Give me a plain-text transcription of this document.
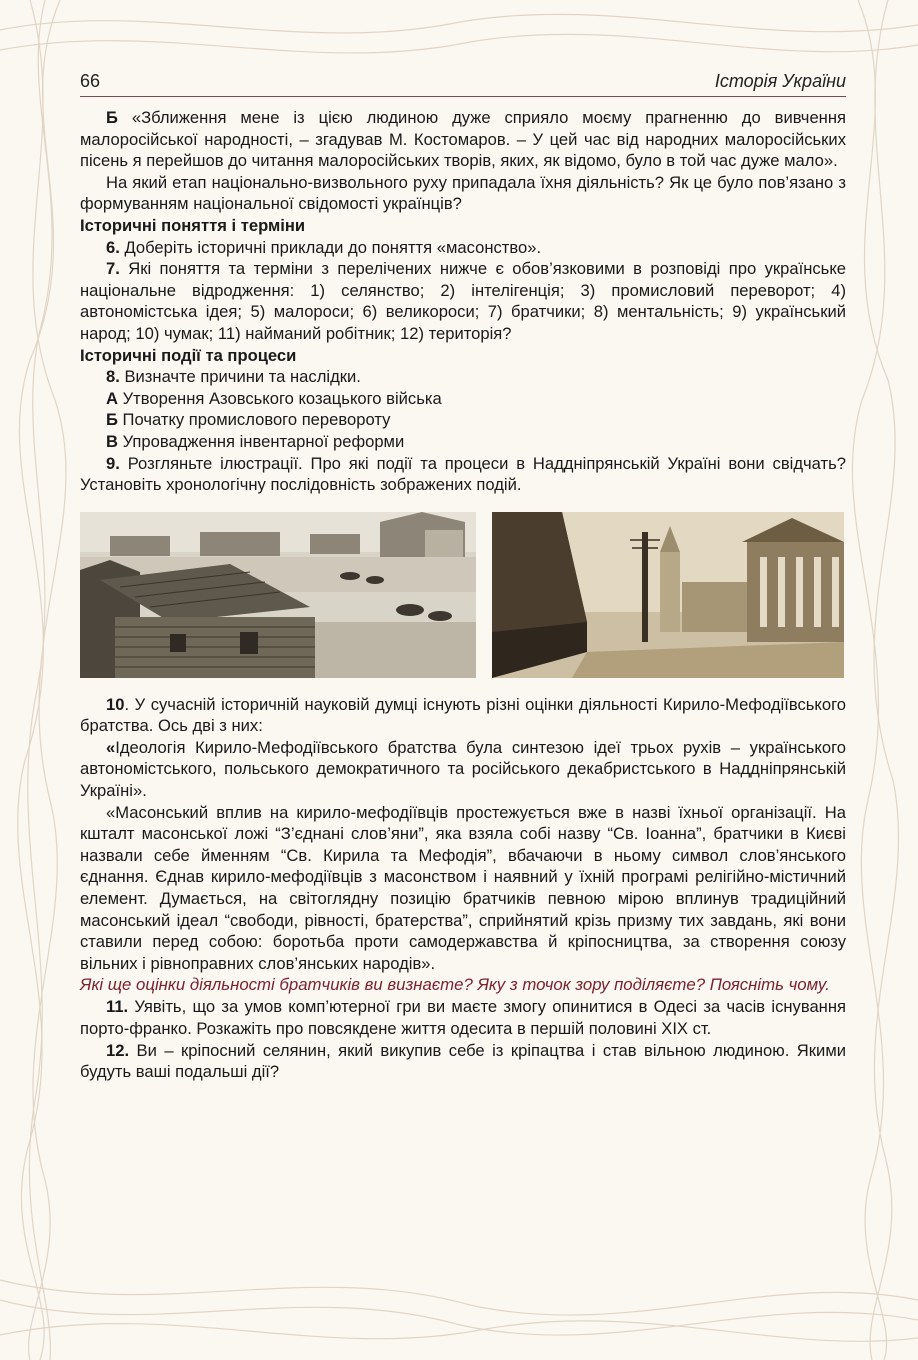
66	Історія України

Б «Зближення мене із цією людиною дуже сприяло моєму прагненню до вивчення малоросійської народності, – згадував М. Костомаров. – У цей час від народних малоросійських пісень я перейшов до читання малоросійських творів, яких, як відомо, було в той час дуже мало».

На який етап національно-визвольного руху припадала їхня діяльність? Як це було пов’язано з формуванням національної свідомості українців?

Історичні поняття і терміни

6. Доберіть історичні приклади до поняття «масонство».

7. Які поняття та терміни з перелічених нижче є обов’язковими в розповіді про українське національне відродження: 1) селянство; 2) інтелігенція; 3) промисловий переворот; 4) автономістська ідея; 5) малороси; 6) великороси; 7) братчики; 8) ментальність; 9) український народ; 10) чумак; 11) найманий робітник; 12) територія?

Історичні події та процеси

8. Визначте причини та наслідки.

А Утворення Азовського козацького війська

Б Початку промислового перевороту

В Упровадження інвентарної реформи

9. Розгляньте ілюстрації. Про які події та процеси в Наддніпрянській Україні вони свідчать? Установіть хронологічну послідовність зображених подій.

10. У сучасній історичній науковій думці існують різні оцінки діяльності Кирило-Мефодіївського братства. Ось дві з них:

«Ідеологія Кирило-Мефодіївського братства була синтезою ідеї трьох рухів – українського автономістського, польського демократичного та російського декабристського в Наддніпрянській Україні».

«Масонський вплив на кирило-мефодіївців простежується вже в назві їхньої організації. На кшталт масонської ложі “З’єднані слов’яни”, яка взяла собі назву “Св. Іоанна”, братчики в Києві назвали себе йменням “Св. Кирила та Мефодія”, вбачаючи в ньому символ слов’янського єднання. Єднав кирило-мефодіївців з масонством і наявний у їхній програмі релігійно-містичний елемент. Думається, на світоглядну позицію братчиків певною мірою вплинув традиційний масонський ідеал “свободи, рівності, братерства”, сприйнятий крізь призму тих завдань, які вони ставили перед собою: боротьба проти самодержавства й кріпосництва, за створення союзу вільних і рівноправних слов’янських народів».

Які ще оцінки діяльності братчиків ви визнаєте? Яку з точок зору поділяєте? Поясніть чому.

11. Уявіть, що за умов комп’ютерної гри ви маєте змогу опинитися в Одесі за часів існування порто-франко. Розкажіть про повсякдене життя одесита в першій половині XIX ст.

12. Ви – кріпосний селянин, який викупив себе із кріпацтва і став вільною людиною. Якими будуть ваші подальші дії?
